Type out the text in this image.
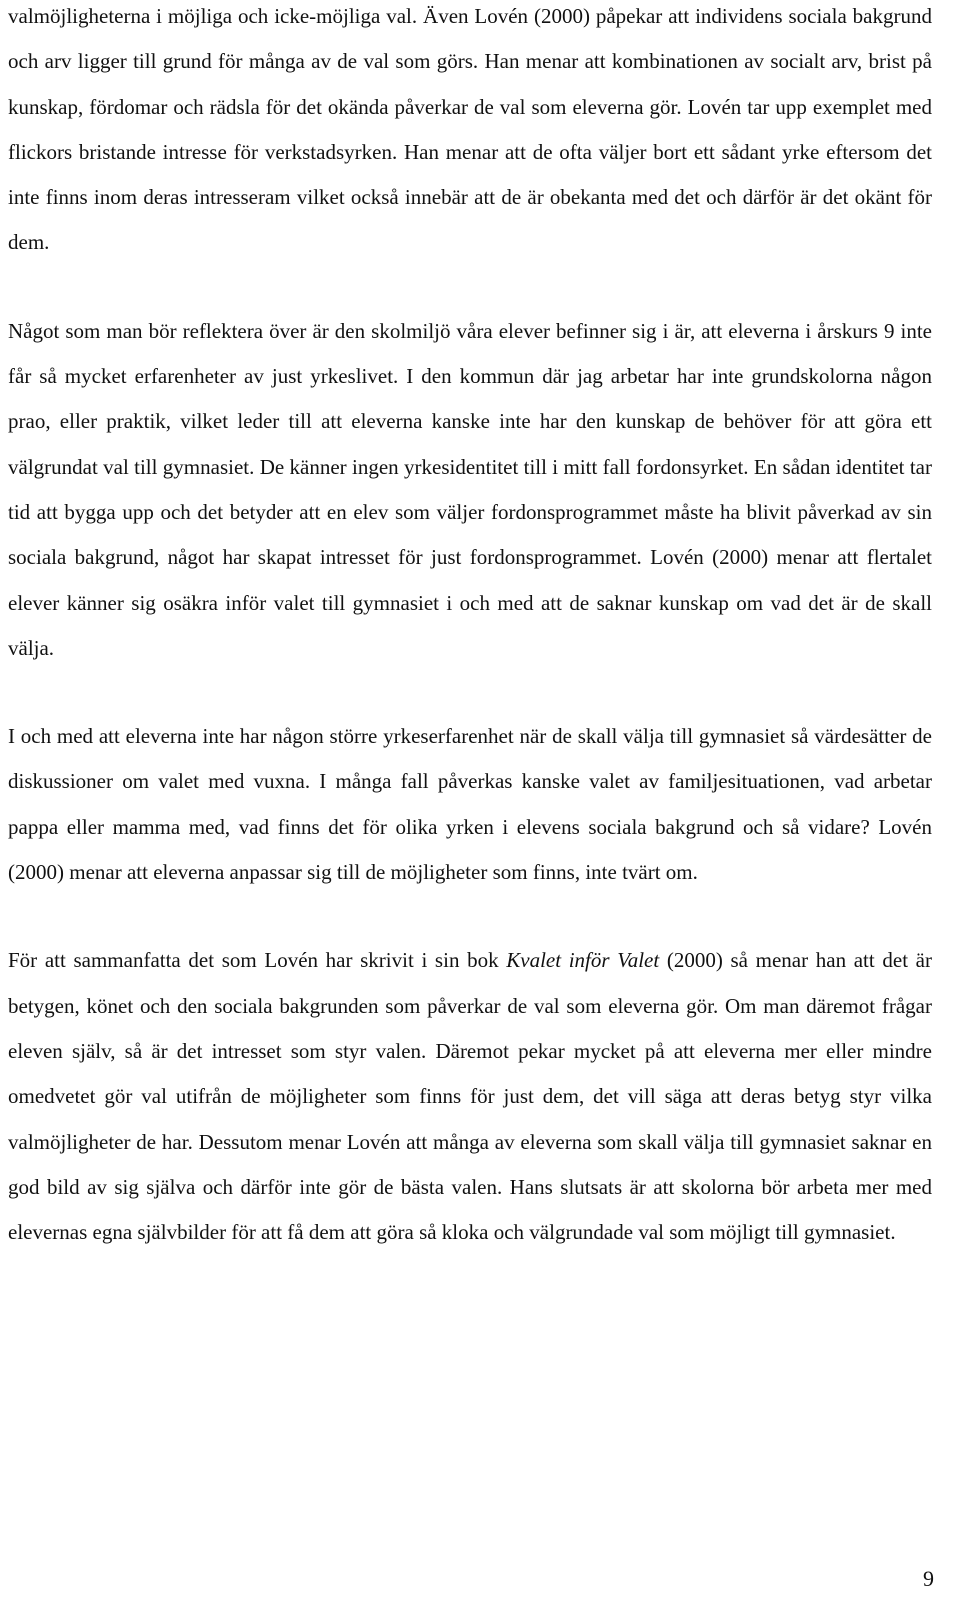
valmöjligheterna i möjliga och icke-möjliga val. Även Lovén (2000) påpekar att individens sociala bakgrund och arv ligger till grund för många av de val som görs. Han menar att kombinationen av socialt arv, brist på kunskap, fördomar och rädsla för det okända påverkar de val som eleverna gör. Lovén tar upp exemplet med flickors bristande intresse för verkstadsyrken. Han menar att de ofta väljer bort ett sådant yrke eftersom det inte finns inom deras intresseram vilket också innebär att de är obekanta med det och därför är det okänt för dem.

Något som man bör reflektera över är den skolmiljö våra elever befinner sig i är, att eleverna i årskurs 9 inte får så mycket erfarenheter av just yrkeslivet. I den kommun där jag arbetar har inte grundskolorna någon prao, eller praktik, vilket leder till att eleverna kanske inte har den kunskap de behöver för att göra ett välgrundat val till gymnasiet. De känner ingen yrkesidentitet till i mitt fall fordonsyrket. En sådan identitet tar tid att bygga upp och det betyder att en elev som väljer fordonsprogrammet måste ha blivit påverkad av sin sociala bakgrund, något har skapat intresset för just fordonsprogrammet. Lovén (2000) menar att flertalet elever känner sig osäkra inför valet till gymnasiet i och med att de saknar kunskap om vad det är de skall välja.

I och med att eleverna inte har någon större yrkeserfarenhet när de skall välja till gymnasiet så värdesätter de diskussioner om valet med vuxna. I många fall påverkas kanske valet av familjesituationen, vad arbetar pappa eller mamma med, vad finns det för olika yrken i elevens sociala bakgrund och så vidare? Lovén (2000) menar att eleverna anpassar sig till de möjligheter som finns, inte tvärt om.

För att sammanfatta det som Lovén har skrivit i sin bok Kvalet inför Valet (2000) så menar han att det är betygen, könet och den sociala bakgrunden som påverkar de val som eleverna gör. Om man däremot frågar eleven själv, så är det intresset som styr valen. Däremot pekar mycket på att eleverna mer eller mindre omedvetet gör val utifrån de möjligheter som finns för just dem, det vill säga att deras betyg styr vilka valmöjligheter de har. Dessutom menar Lovén att många av eleverna som skall välja till gymnasiet saknar en god bild av sig själva och därför inte gör de bästa valen. Hans slutsats är att skolorna bör arbeta mer med elevernas egna självbilder för att få dem att göra så kloka och välgrundade val som möjligt till gymnasiet.

9
